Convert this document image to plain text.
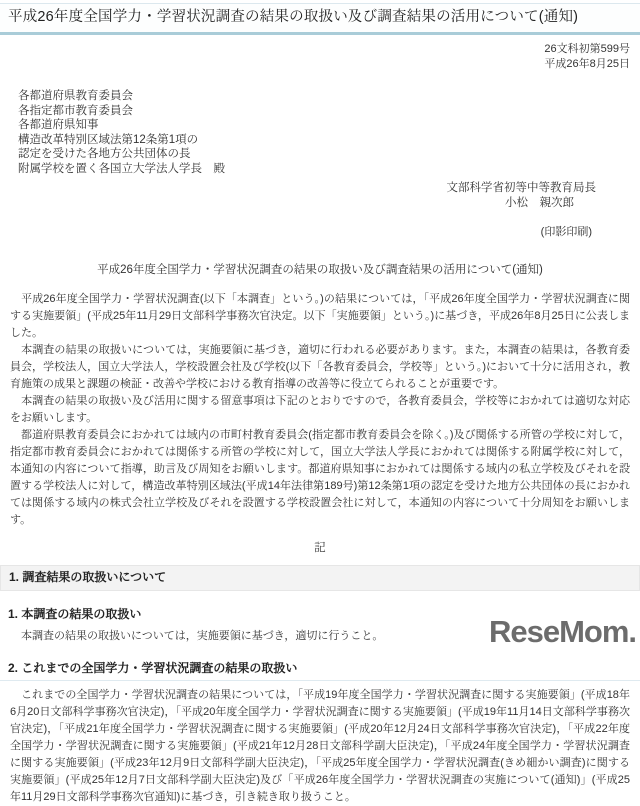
平成26年度全国学力・学習状況調査の結果の取扱い及び調査結果の活用について(通知)
26文科初第599号
平成26年8月25日
各都道府県教育委員会
各指定都市教育委員会
各都道府県知事
構造改革特別区域法第12条第1項の
認定を受けた各地方公共団体の長
附属学校を置く各国立大学法人学長　殿
文部科学省初等中等教育局長
小松　親次郎
(印影印刷)
平成26年度全国学力・学習状況調査の結果の取扱い及び調査結果の活用について(通知)

　平成26年度全国学力・学習状況調査(以下「本調査」という。)の結果については，「平成26年度全国学力・学習状況調査に関する実施要領」(平成25年11月29日文部科学事務次官決定。以下「実施要領」という。)に基づき，平成26年8月25日に公表しました。

　本調査の結果の取扱いについては，実施要領に基づき，適切に行われる必要があります。また，本調査の結果は，各教育委員会，学校法人，国立大学法人，学校設置会社及び学校(以下「各教育委員会，学校等」という。)において十分に活用され，教育施策の成果と課題の検証・改善や学校における教育指導の改善等に役立てられることが重要です。

　本調査の結果の取扱い及び活用に関する留意事項は下記のとおりですので，各教育委員会，学校等におかれては適切な対応をお願いします。

　都道府県教育委員会におかれては域内の市町村教育委員会(指定都市教育委員会を除く。)及び関係する所管の学校に対して，指定都市教育委員会におかれては関係する所管の学校に対して，国立大学法人学長におかれては関係する附属学校に対して，本通知の内容について指導，助言及び周知をお願いします。都道府県知事におかれては関係する域内の私立学校及びそれを設置する学校法人に対して，構造改革特別区域法(平成14年法律第189号)第12条第1項の認定を受けた地方公共団体の長におかれては関係する域内の株式会社立学校及びそれを設置する学校設置会社に対して，本通知の内容について十分周知をお願いします。

記
1. 調査結果の取扱いについて
1. 本調査の結果の取扱い

　本調査の結果の取扱いについては，実施要領に基づき，適切に行うこと。

2. これまでの全国学力・学習状況調査の結果の取扱い

　これまでの全国学力・学習状況調査の結果については，「平成19年度全国学力・学習状況調査に関する実施要領」(平成18年6月20日文部科学事務次官決定)，「平成20年度全国学力・学習状況調査に関する実施要領」(平成19年11月14日文部科学事務次官決定)，「平成21年度全国学力・学習状況調査に関する実施要領」(平成20年12月24日文部科学事務次官決定)，「平成22年度全国学力・学習状況調査に関する実施要領」(平成21年12月28日文部科学副大臣決定)，「平成24年度全国学力・学習状況調査に関する実施要領」(平成23年12月9日文部科学副大臣決定)，「平成25年度全国学力・学習状況調査(きめ細かい調査)に関する実施要領」(平成25年12月7日文部科学副大臣決定)及び「平成26年度全国学力・学習状況調査の実施について(通知)」(平成25年11月29日文部科学事務次官通知)に基づき，引き続き取り扱うこと。

ReseMom.
